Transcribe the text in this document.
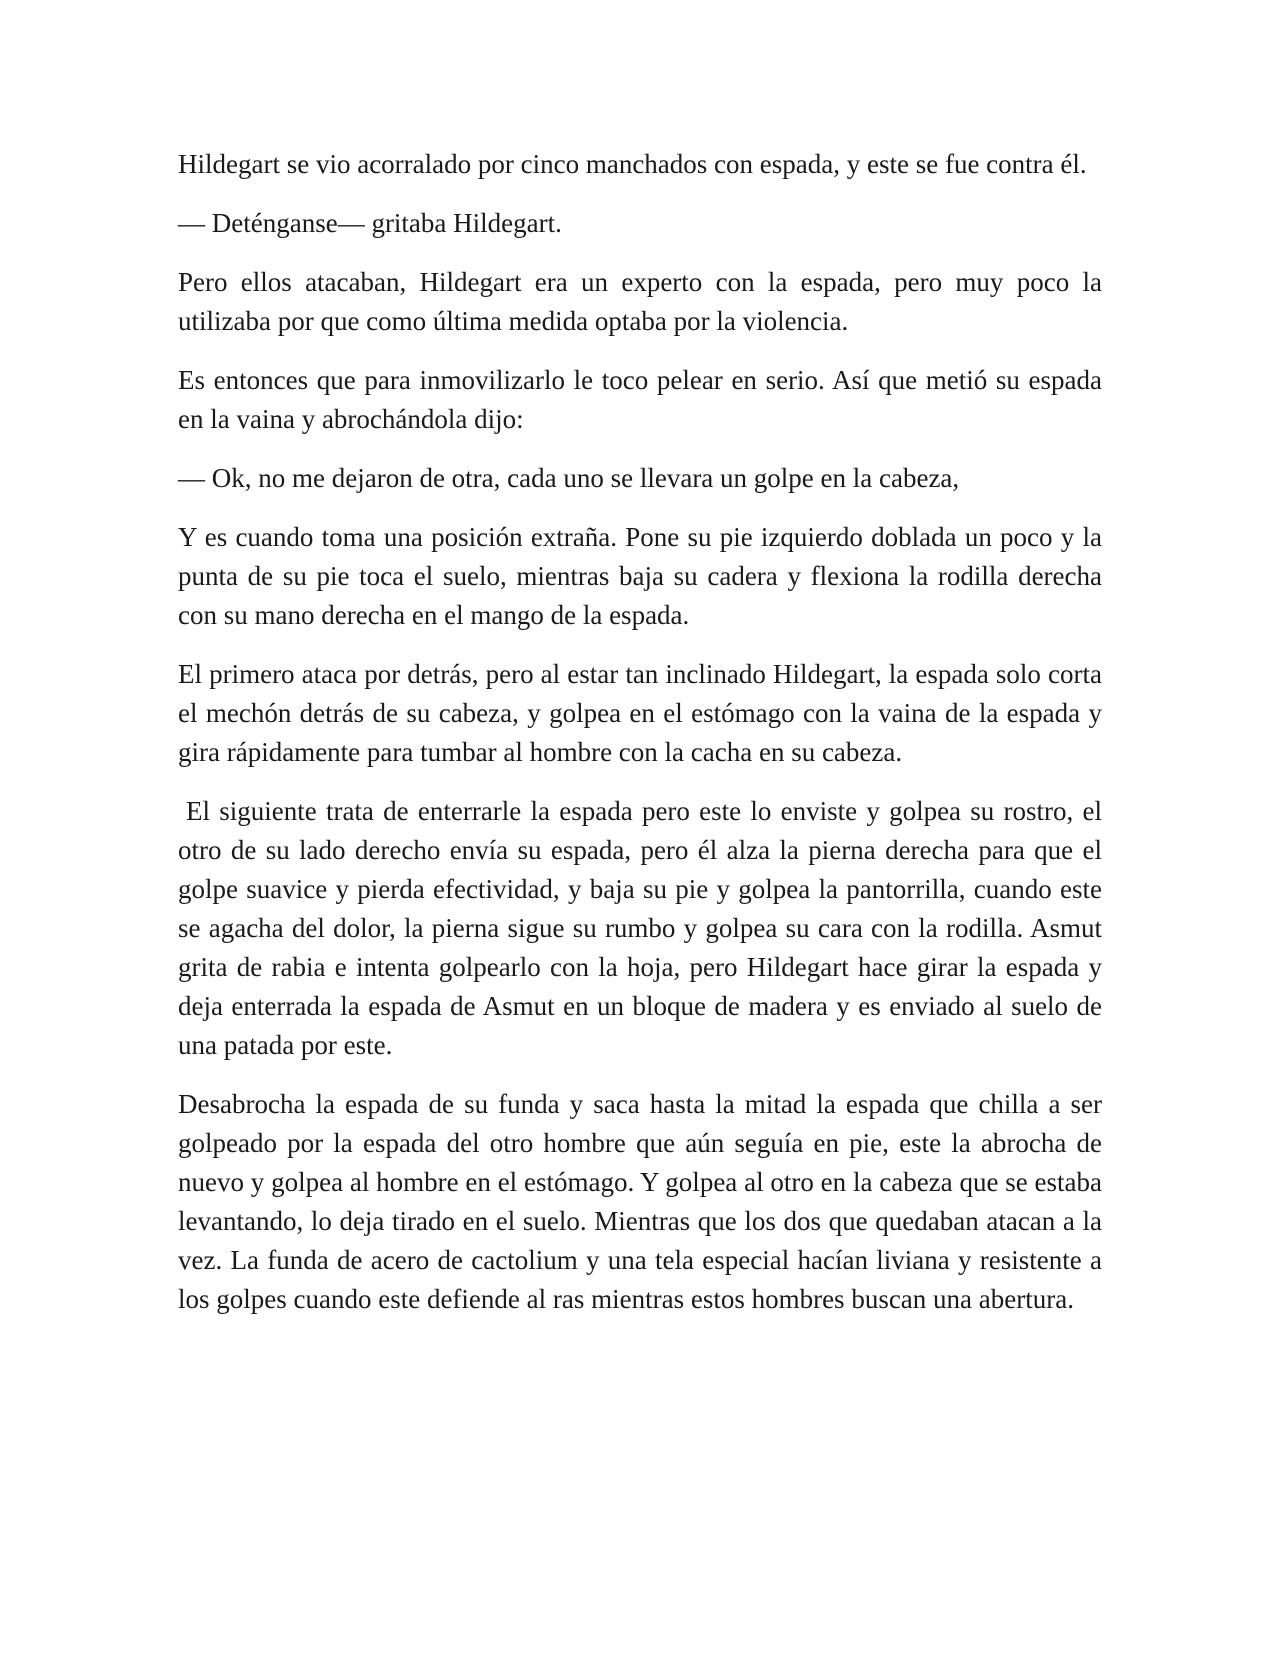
Hildegart se vio acorralado por cinco manchados con espada, y este se fue contra él.

— Deténganse— gritaba Hildegart.

Pero ellos atacaban, Hildegart era un experto con la espada, pero muy poco la utilizaba por que como última medida optaba por la violencia.

Es entonces que para inmovilizarlo le toco pelear en serio. Así que metió su espada en la vaina y abrochándola dijo:

— Ok, no me dejaron de otra, cada uno se llevara un golpe en la cabeza,

Y es cuando toma una posición extraña. Pone su pie izquierdo doblada un poco y la punta de su pie toca el suelo, mientras baja su cadera y flexiona la rodilla derecha con su mano derecha en el mango de la espada.

El primero ataca por detrás, pero al estar tan inclinado Hildegart, la espada solo corta el mechón detrás de su cabeza, y golpea en el estómago con la vaina de la espada y gira rápidamente para tumbar al hombre con la cacha en su cabeza.

El siguiente trata de enterrarle la espada pero este lo enviste y golpea su rostro, el otro de su lado derecho envía su espada, pero él alza la pierna derecha para que el golpe suavice y pierda efectividad, y baja su pie y golpea la pantorrilla, cuando este se agacha del dolor, la pierna sigue su rumbo y golpea su cara con la rodilla. Asmut grita de rabia e intenta golpearlo con la hoja, pero Hildegart hace girar la espada y deja enterrada la espada de Asmut en un bloque de madera y es enviado al suelo de una patada por este.

Desabrocha la espada de su funda y saca hasta la mitad la espada que chilla a ser golpeado por la espada del otro hombre que aún seguía en pie, este la abrocha de nuevo y golpea al hombre en el estómago. Y golpea al otro en la cabeza que se estaba levantando, lo deja tirado en el suelo. Mientras que los dos que quedaban atacan a la vez. La funda de acero de cactolium y una tela especial hacían liviana y resistente a los golpes cuando este defiende al ras mientras estos hombres buscan una abertura.
